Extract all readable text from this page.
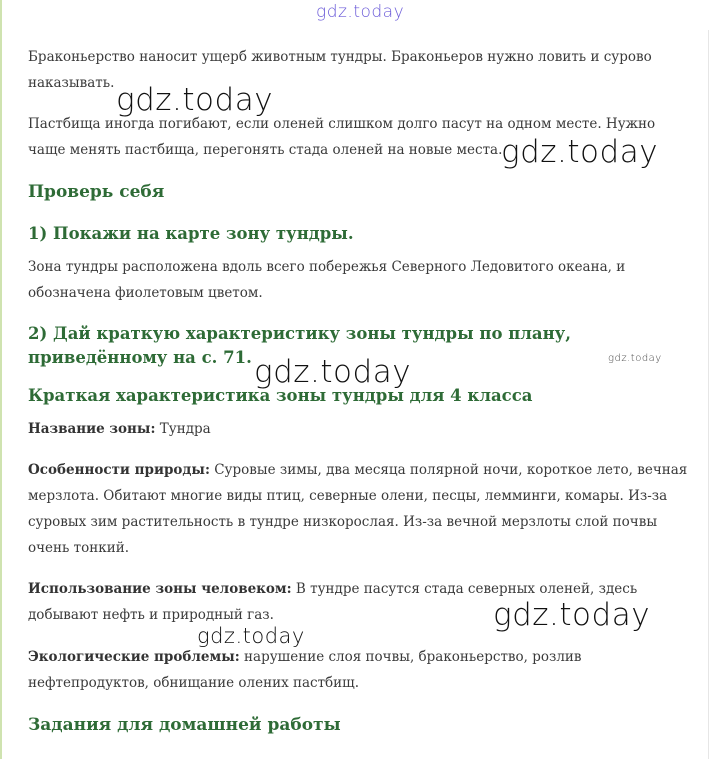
Браконьерство наносит ущерб животным тундры. Браконьеров нужно ловить и сурово наказывать.

Пастбища иногда погибают, если оленей слишком долго пасут на одном месте. Нужно чаще менять пастбища, перегонять стада оленей на новые места.

Проверь себя
1) Покажи на карте зону тундры.

Зона тундры расположена вдоль всего побережья Северного Ледовитого океана, и обозначена фиолетовым цветом.

2) Дай краткую характеристику зоны тундры по плану, приведённому на с. 71.
Краткая характеристика зоны тундры для 4 класса

Название зоны: Тундра

Особенности природы: Суровые зимы, два месяца полярной ночи, короткое лето, вечная мерзлота. Обитают многие виды птиц, северные олени, песцы, лемминги, комары. Из-за суровых зим растительность в тундре низкорослая. Из-за вечной мерзлоты слой почвы очень тонкий.

Использование зоны человеком: В тундре пасутся стада северных оленей, здесь добывают нефть и природный газ.

Экологические проблемы: нарушение слоя почвы, браконьерство, розлив нефтепродуктов, обнищание олених пастбищ.

Задания для домашней работы
gdz.today
gdz.today
gdz.today
gdz.today
gdz.today
gdz.today
gdz.today
